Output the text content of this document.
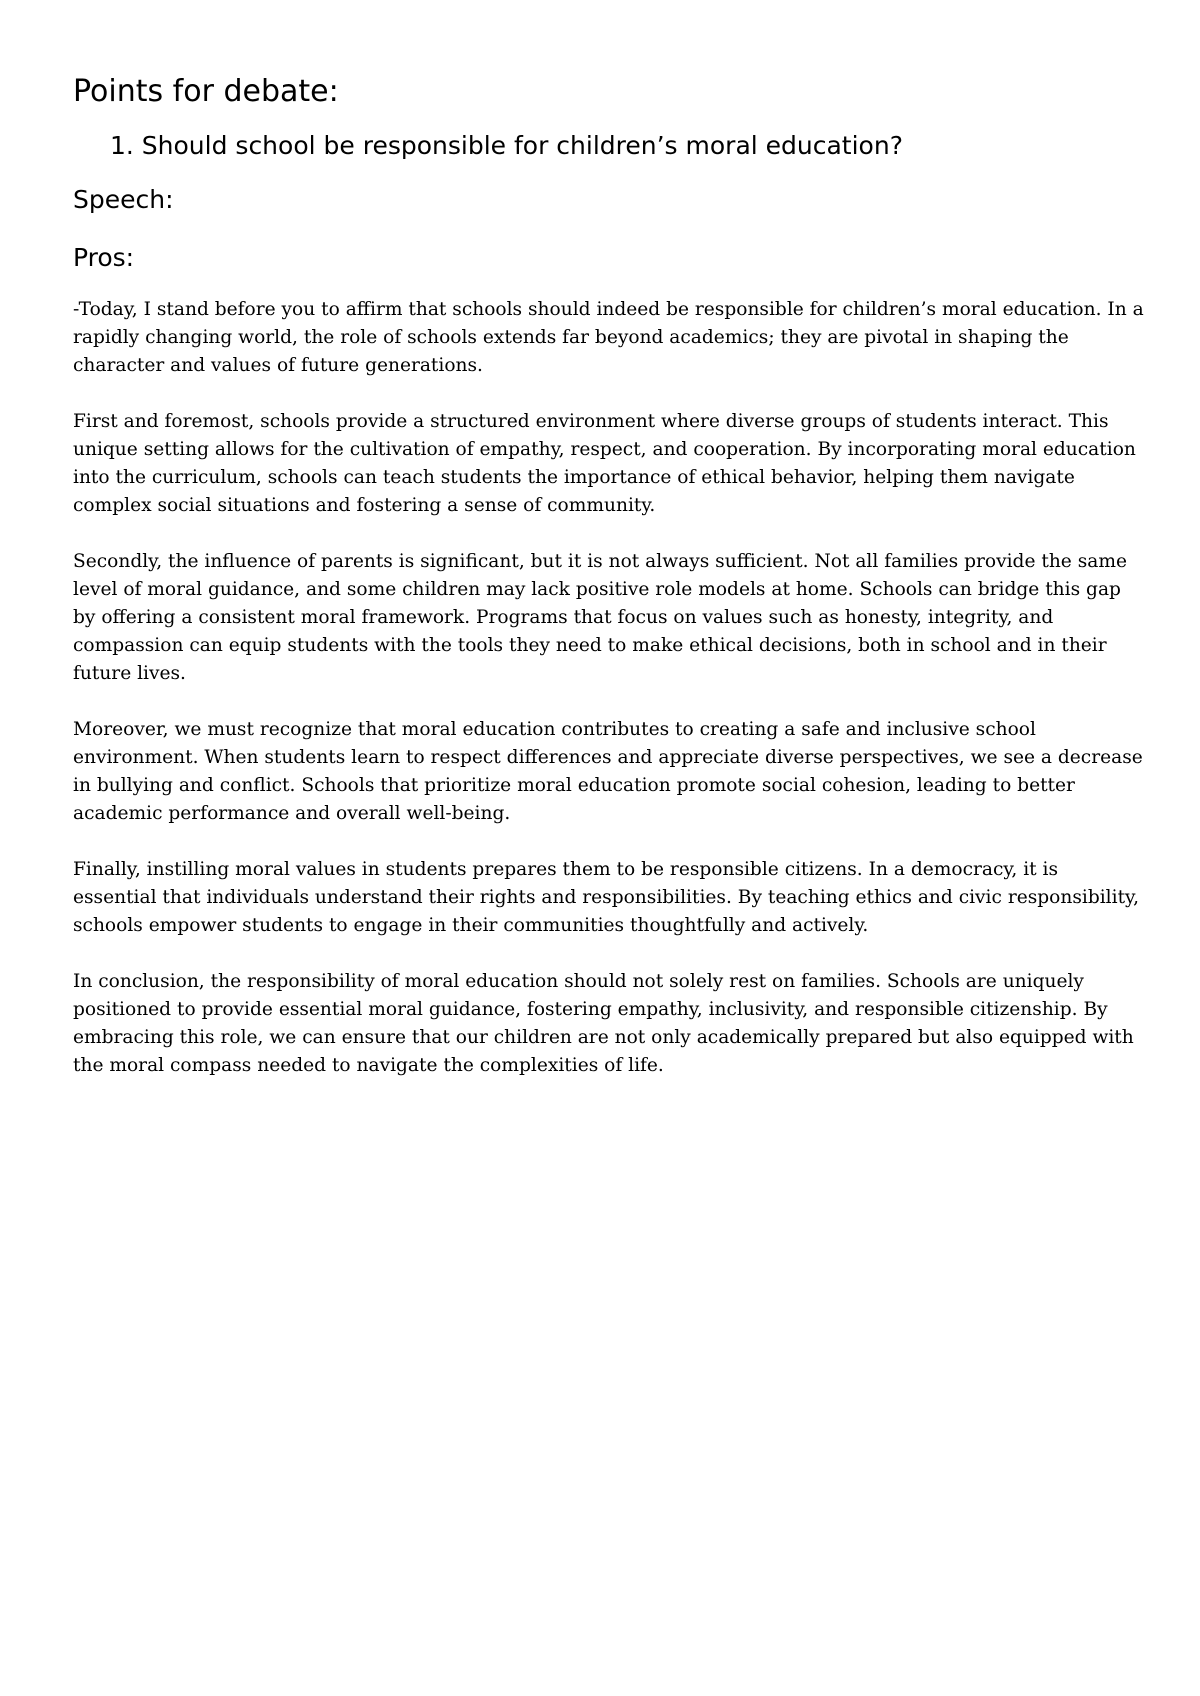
Points for debate:
1. Should school be responsible for children’s moral education?
Speech:
Pros:

-Today, I stand before you to affirm that schools should indeed be responsible for children’s moral education. In a rapidly changing world, the role of schools extends far beyond academics; they are pivotal in shaping the character and values of future generations.

First and foremost, schools provide a structured environment where diverse groups of students interact. This unique setting allows for the cultivation of empathy, respect, and cooperation. By incorporating moral education into the curriculum, schools can teach students the importance of ethical behavior, helping them navigate complex social situations and fostering a sense of community.

Secondly, the influence of parents is significant, but it is not always sufficient. Not all families provide the same level of moral guidance, and some children may lack positive role models at home. Schools can bridge this gap by offering a consistent moral framework. Programs that focus on values such as honesty, integrity, and compassion can equip students with the tools they need to make ethical decisions, both in school and in their future lives.

Moreover, we must recognize that moral education contributes to creating a safe and inclusive school environment. When students learn to respect differences and appreciate diverse perspectives, we see a decrease in bullying and conflict. Schools that prioritize moral education promote social cohesion, leading to better academic performance and overall well-being.

Finally, instilling moral values in students prepares them to be responsible citizens. In a democracy, it is essential that individuals understand their rights and responsibilities. By teaching ethics and civic responsibility, schools empower students to engage in their communities thoughtfully and actively.

In conclusion, the responsibility of moral education should not solely rest on families. Schools are uniquely positioned to provide essential moral guidance, fostering empathy, inclusivity, and responsible citizenship. By embracing this role, we can ensure that our children are not only academically prepared but also equipped with the moral compass needed to navigate the complexities of life.
